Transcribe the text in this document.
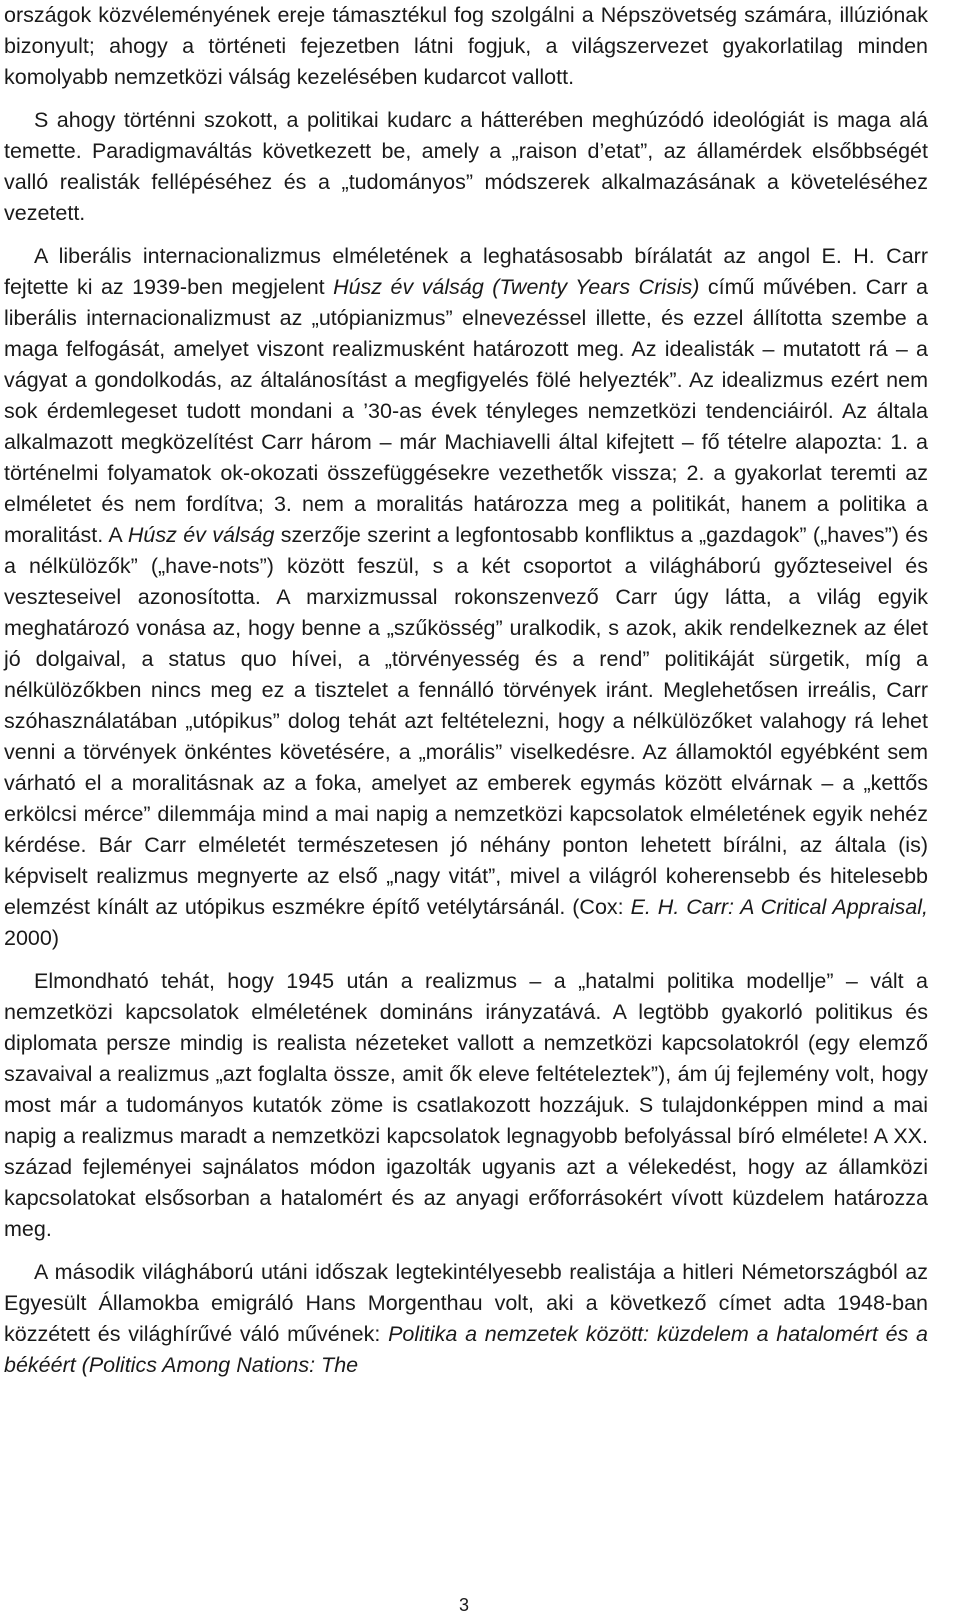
országok közvéleményének ereje támasztékul fog szolgálni a Népszövetség számára, illúziónak bizonyult; ahogy a történeti fejezetben látni fogjuk, a világszervezet gyakorlatilag minden komolyabb nemzetközi válság kezelésében kudarcot vallott.

S ahogy történni szokott, a politikai kudarc a hátterében meghúzódó ideológiát is maga alá temette. Paradigmaváltás következett be, amely a „raison d’etat”, az államérdek elsőbbségét valló realisták fellépéséhez és a „tudományos” módszerek alkalmazásának a követeléséhez vezetett.

A liberális internacionalizmus elméletének a leghatásosabb bírálatát az angol E. H. Carr fejtette ki az 1939-ben megjelent Húsz év válság (Twenty Years Crisis) című művében. Carr a liberális internacionalizmust az „utópianizmus” elnevezéssel illette, és ezzel állította szembe a maga felfogását, amelyet viszont realizmusként határozott meg. Az idealisták – mutatott rá – a vágyat a gondolkodás, az általánosítást a megfigyelés fölé helyezték”. Az idealizmus ezért nem sok érdemlegeset tudott mondani a ’30-as évek tényleges nemzetközi tendenciáiról. Az általa alkalmazott megközelítést Carr három – már Machiavelli által kifejtett – fő tételre alapozta: 1. a történelmi folyamatok ok-okozati összefüggésekre vezethetők vissza; 2. a gyakorlat teremti az elméletet és nem fordítva; 3. nem a moralitás határozza meg a politikát, hanem a politika a moralitást. A Húsz év válság szerzője szerint a legfontosabb konfliktus a „gazdagok” („haves”) és a nélkülözők” („have-nots”) között feszül, s a két csoportot a világháború győzteseivel és veszteseivel azonosította. A marxizmussal rokonszenvező Carr úgy látta, a világ egyik meghatározó vonása az, hogy benne a „szűkösség” uralkodik, s azok, akik rendelkeznek az élet jó dolgaival, a status quo hívei, a „törvényesség és a rend” politikáját sürgetik, míg a nélkülözőkben nincs meg ez a tisztelet a fennálló törvények iránt. Meglehetősen irreális, Carr szóhasználatában „utópikus” dolog tehát azt feltételezni, hogy a nélkülözőket valahogy rá lehet venni a törvények önkéntes követésére, a „morális” viselkedésre. Az államoktól egyébként sem várható el a moralitásnak az a foka, amelyet az emberek egymás között elvárnak – a „kettős erkölcsi mérce” dilemmája mind a mai napig a nemzetközi kapcsolatok elméletének egyik nehéz kérdése. Bár Carr elméletét természetesen jó néhány ponton lehetett bírálni, az általa (is) képviselt realizmus megnyerte az első „nagy vitát”, mivel a világról koherensebb és hitelesebb elemzést kínált az utópikus eszmékre építő vetélytársánál. (Cox: E. H. Carr: A Critical Appraisal, 2000)

Elmondható tehát, hogy 1945 után a realizmus – a „hatalmi politika modellje” – vált a nemzetközi kapcsolatok elméletének domináns irányzatává. A legtöbb gyakorló politikus és diplomata persze mindig is realista nézeteket vallott a nemzetközi kapcsolatokról (egy elemző szavaival a realizmus „azt foglalta össze, amit ők eleve feltételeztek”), ám új fejlemény volt, hogy most már a tudományos kutatók zöme is csatlakozott hozzájuk. S tulajdonképpen mind a mai napig a realizmus maradt a nemzetközi kapcsolatok legnagyobb befolyással bíró elmélete! A XX. század fejleményei sajnálatos módon igazolták ugyanis azt a vélekedést, hogy az államközi kapcsolatokat elsősorban a hatalomért és az anyagi erőforrásokért vívott küzdelem határozza meg.

A második világháború utáni időszak legtekintélyesebb realistája a hitleri Németországból az Egyesült Államokba emigráló Hans Morgenthau volt, aki a következő címet adta 1948-ban közzétett és világhírűvé váló művének: Politika a nemzetek között: küzdelem a hatalomért és a békéért (Politics Among Nations: The

3
